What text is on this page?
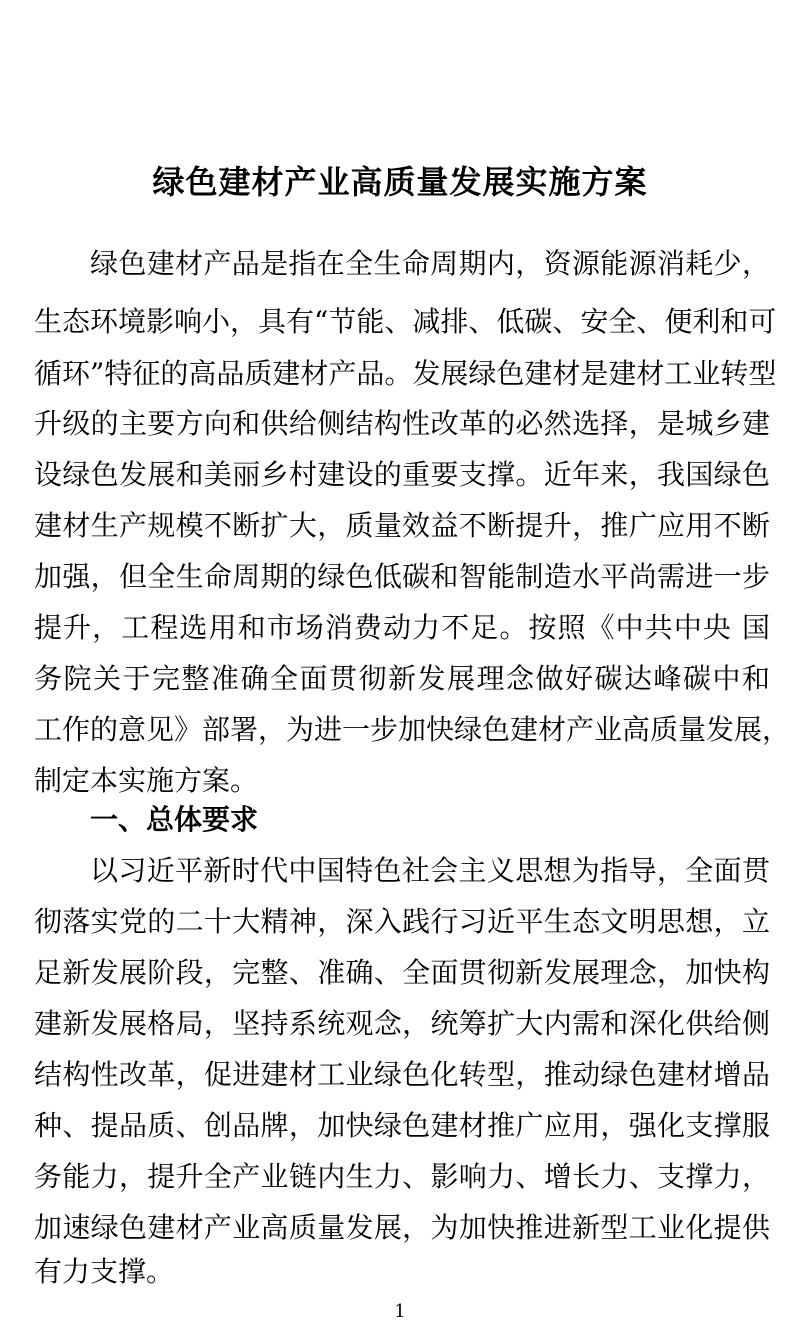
绿色建材产业高质量发展实施方案
绿色建材产品是指在全生命周期内，资源能源消耗少，
生态环境影响小，具有“节能、减排、低碳、安全、便利和可
循环”特征的高品质建材产品。发展绿色建材是建材工业转型
升级的主要方向和供给侧结构性改革的必然选择，是城乡建
设绿色发展和美丽乡村建设的重要支撑。近年来，我国绿色
建材生产规模不断扩大，质量效益不断提升，推广应用不断
加强，但全生命周期的绿色低碳和智能制造水平尚需进一步
提升，工程选用和市场消费动力不足。按照《中共中央 国
务院关于完整准确全面贯彻新发展理念做好碳达峰碳中和
工作的意见》部署，为进一步加快绿色建材产业高质量发展，
制定本实施方案。
一、总体要求
以习近平新时代中国特色社会主义思想为指导，全面贯
彻落实党的二十大精神，深入践行习近平生态文明思想，立
足新发展阶段，完整、准确、全面贯彻新发展理念，加快构
建新发展格局，坚持系统观念，统筹扩大内需和深化供给侧
结构性改革，促进建材工业绿色化转型，推动绿色建材增品
种、提品质、创品牌，加快绿色建材推广应用，强化支撑服
务能力，提升全产业链内生力、影响力、增长力、支撑力，
加速绿色建材产业高质量发展，为加快推进新型工业化提供
有力支撑。
1
